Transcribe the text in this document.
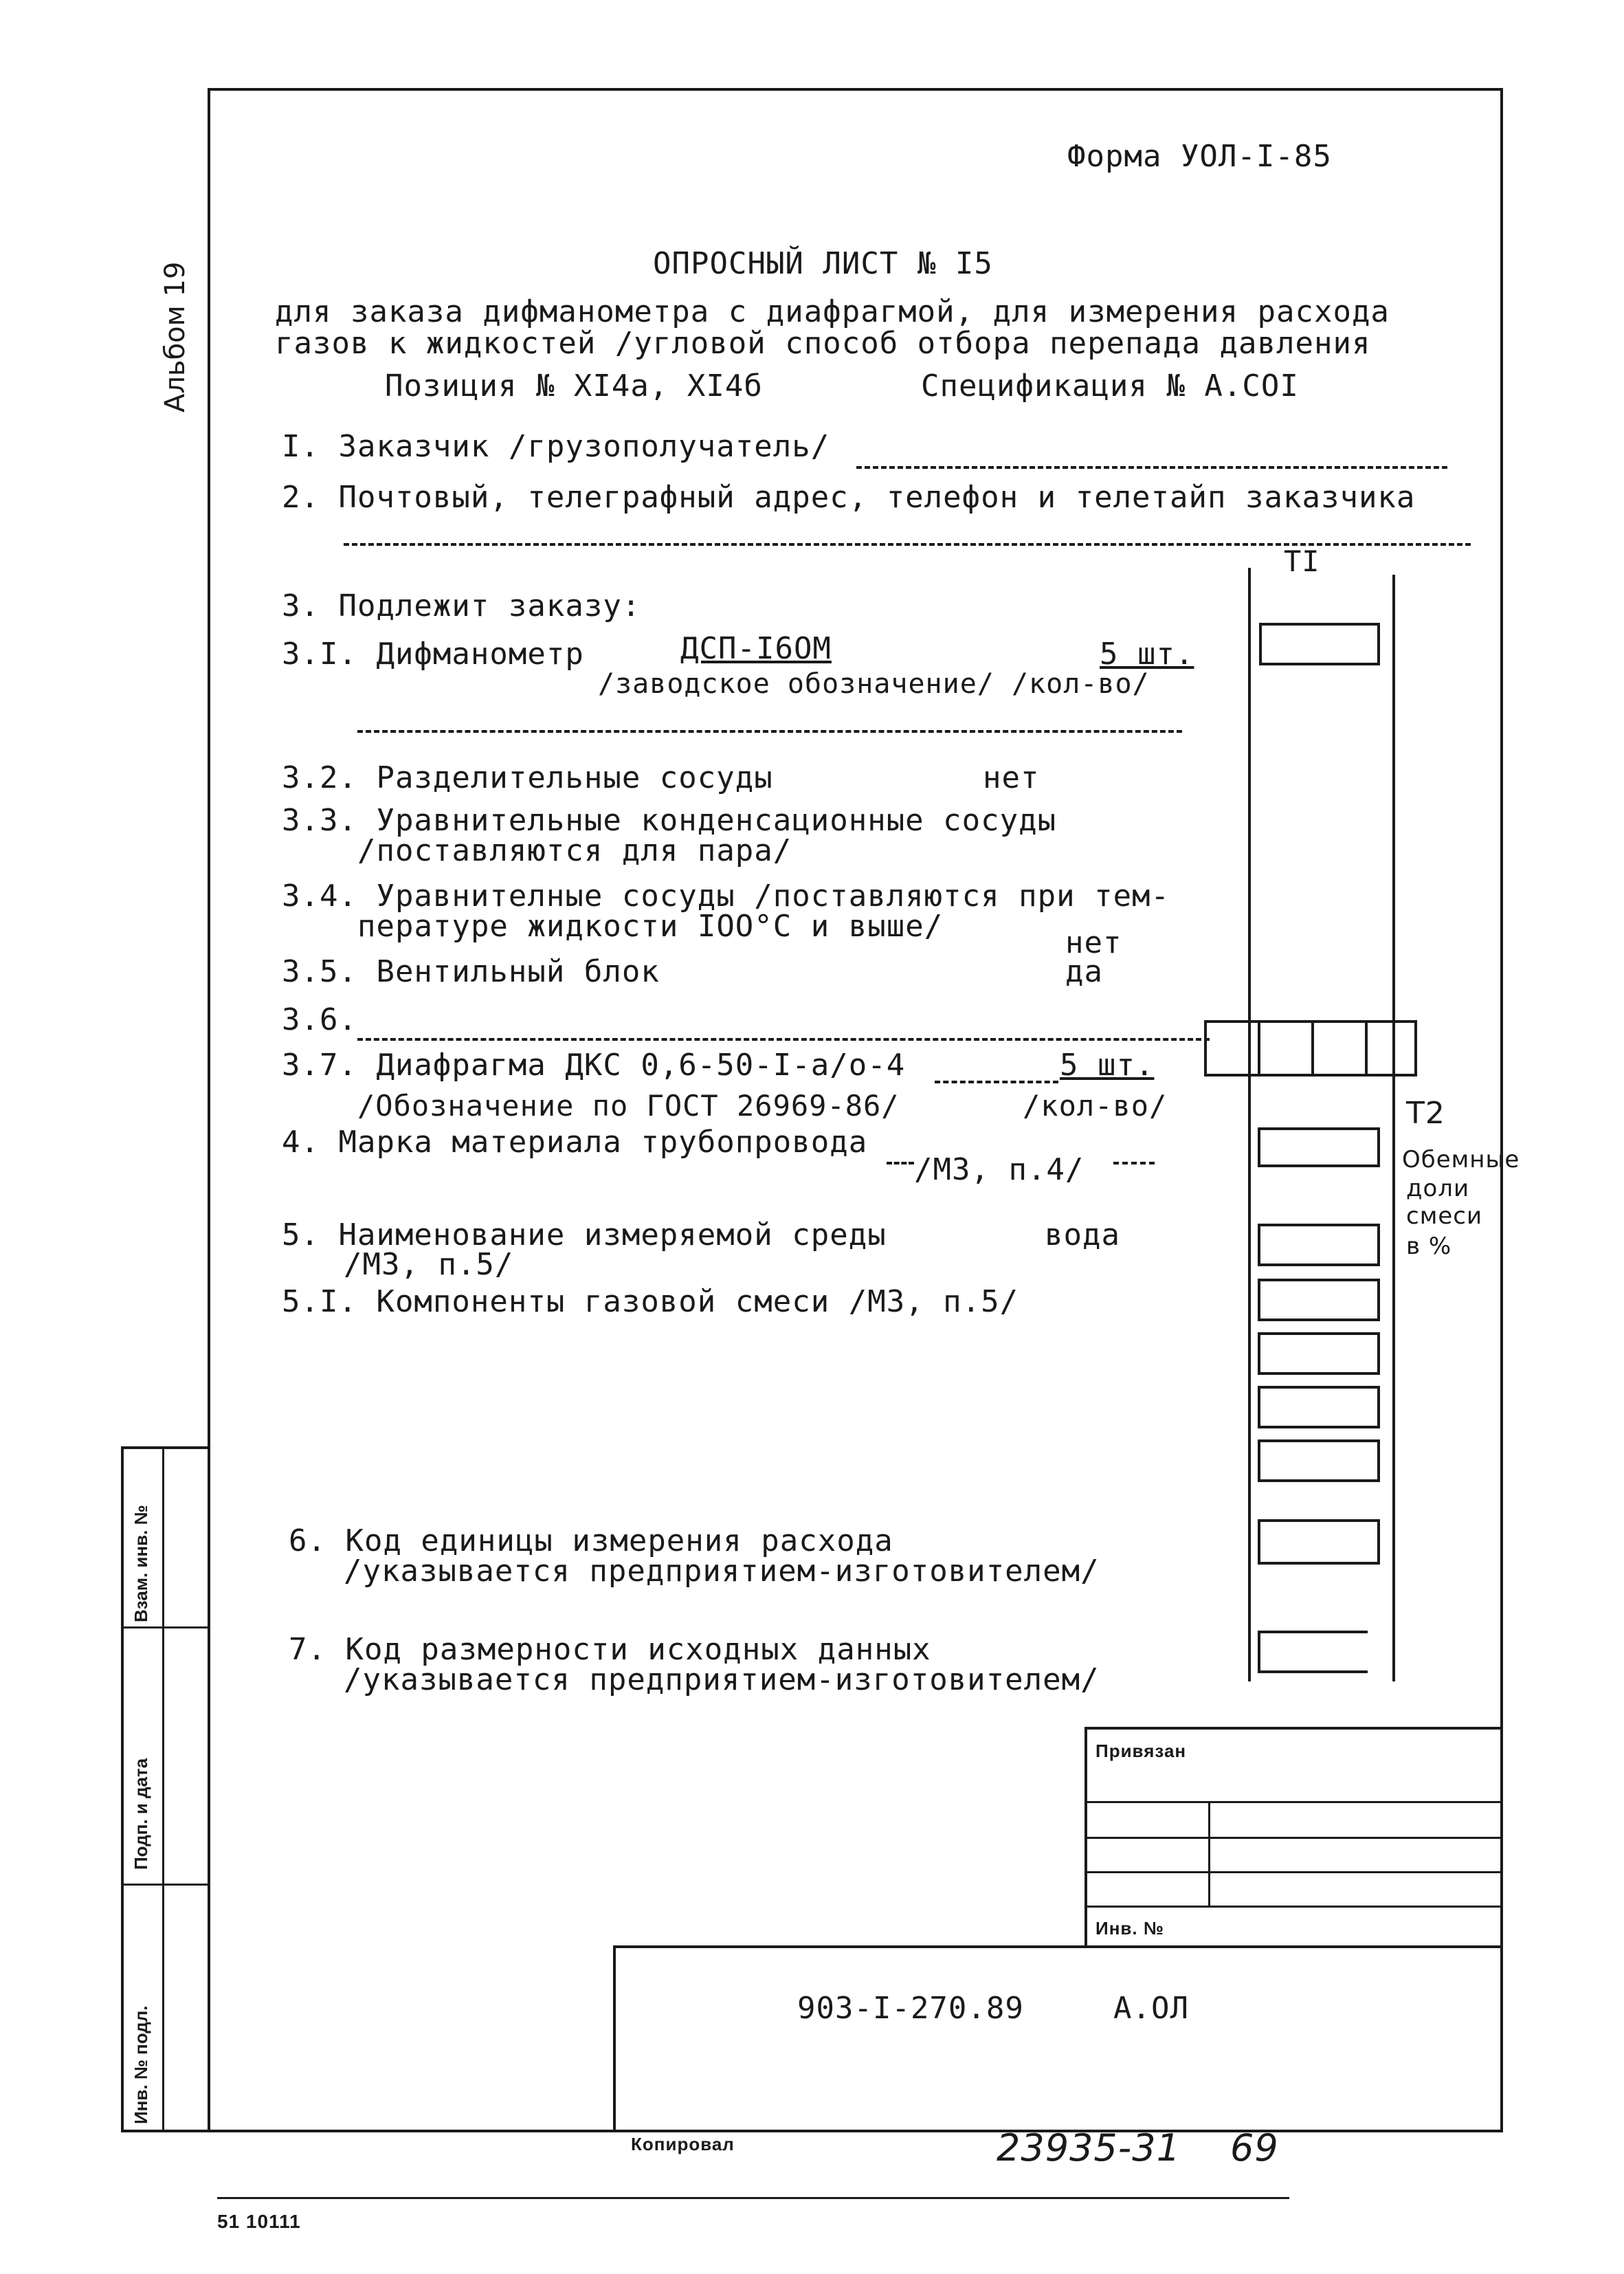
Форма УОЛ-I-85
Альбом 19	ОПРОСНЫЙ ЛИСТ № I5
для заказа дифманометра с диафрагмой, для измерения расхода
газов к жидкостей /угловой способ отбора перепада давления
Позиция № XI4а, XI4б	Спецификация № А.COI
I. Заказчик /грузополучатель/
2. Почтовый, телеграфный адрес, телефон и телетайп заказчика
3. Подлежит заказу:
3.I. Дифманометр	ДСП-I6OM	5 шт.
/заводское обозначение/ /кол-во/
3.2. Разделительные сосуды	нет
3.3. Уравнительные конденсационные сосуды
/поставляются для пара/
3.4. Уравнителные сосуды /поставляются при тем-
пературе жидкости IOO°С и выше/	нет
3.5. Вентильный блок	да
3.6.
3.7. Диафрагма ДКС 0,6-50-I-а/о-4	5 шт.
/Обозначение по ГОСТ 26969-86/	/кол-во/
4. Марка материала трубопровода
/МЗ, п.4/
5. Наименование измеряемой среды	вода
/МЗ, п.5/
5.I. Компоненты газовой смеси /МЗ, п.5/
6. Код единицы измерения расхода
/указывается предприятием-изготовителем/
7. Код размерности исходных данных
/указывается предприятием-изготовителем/
TI
Т2
Обемные
доли
смеси
в %
Взам. инв. №
Подп. и дата
Инв. № подл.
Привязан
Инв. №
903-I-270.89	А.ОЛ
Копировал	23935-31 69
51 10111
